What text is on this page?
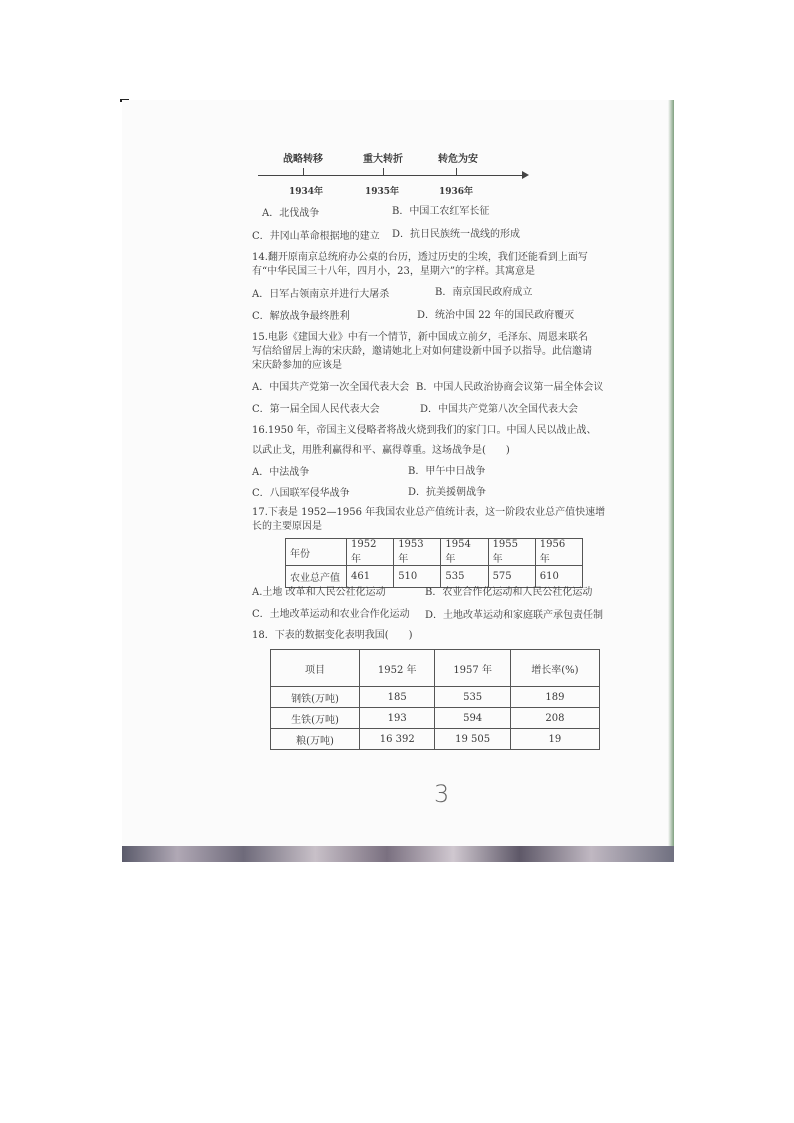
战略转移	重大转折	转危为安
1934年	1935年	1936年
A．北伐战争	B．中国工农红军长征
C．井冈山革命根据地的建立 D．抗日民族统一战线的形成
14.翻开原南京总统府办公桌的台历，透过历史的尘埃，我们还能看到上面写
有“中华民国三十八年，四月小，23，星期六”的字样。其寓意是
A．日军占领南京并进行大屠杀	B．南京国民政府成立
C．解放战争最终胜利	D．统治中国 22 年的国民政府覆灭
15.电影《建国大业》中有一个情节，新中国成立前夕，毛泽东、周恩来联名
写信给留居上海的宋庆龄，邀请她北上对如何建设新中国予以指导。此信邀请
宋庆龄参加的应该是
A．中国共产党第一次全国代表大会 B．中国人民政治协商会议第一届全体会议
C．第一届全国人民代表大会	D．中国共产党第八次全国代表大会
16.1950 年，帝国主义侵略者将战火烧到我们的家门口。中国人民以战止战、
以武止戈，用胜利赢得和平、赢得尊重。这场战争是(　　)
A．中法战争	B．甲午中日战争
C．八国联军侵华战争	D．抗美援朝战争
17.下表是 1952—1956 年我国农业总产值统计表，这一阶段农业总产值快速增
长的主要原因是
年份	1952 年	1953 年	1954 年	1955 年	1956 年
农业总产值	461	510	535	575	610
A.土地 改革和人民公社化运动	B．农业合作化运动和人民公社化运动
C．土地改革运动和农业合作化运动 D．土地改革运动和家庭联产承包责任制
18．下表的数据变化表明我国(　　)
项目	1952 年	1957 年	增长率(%)
钢铁(万吨)	185	535	189
生铁(万吨)	193	594	208
粮(万吨)	16 392	19 505	19
3
